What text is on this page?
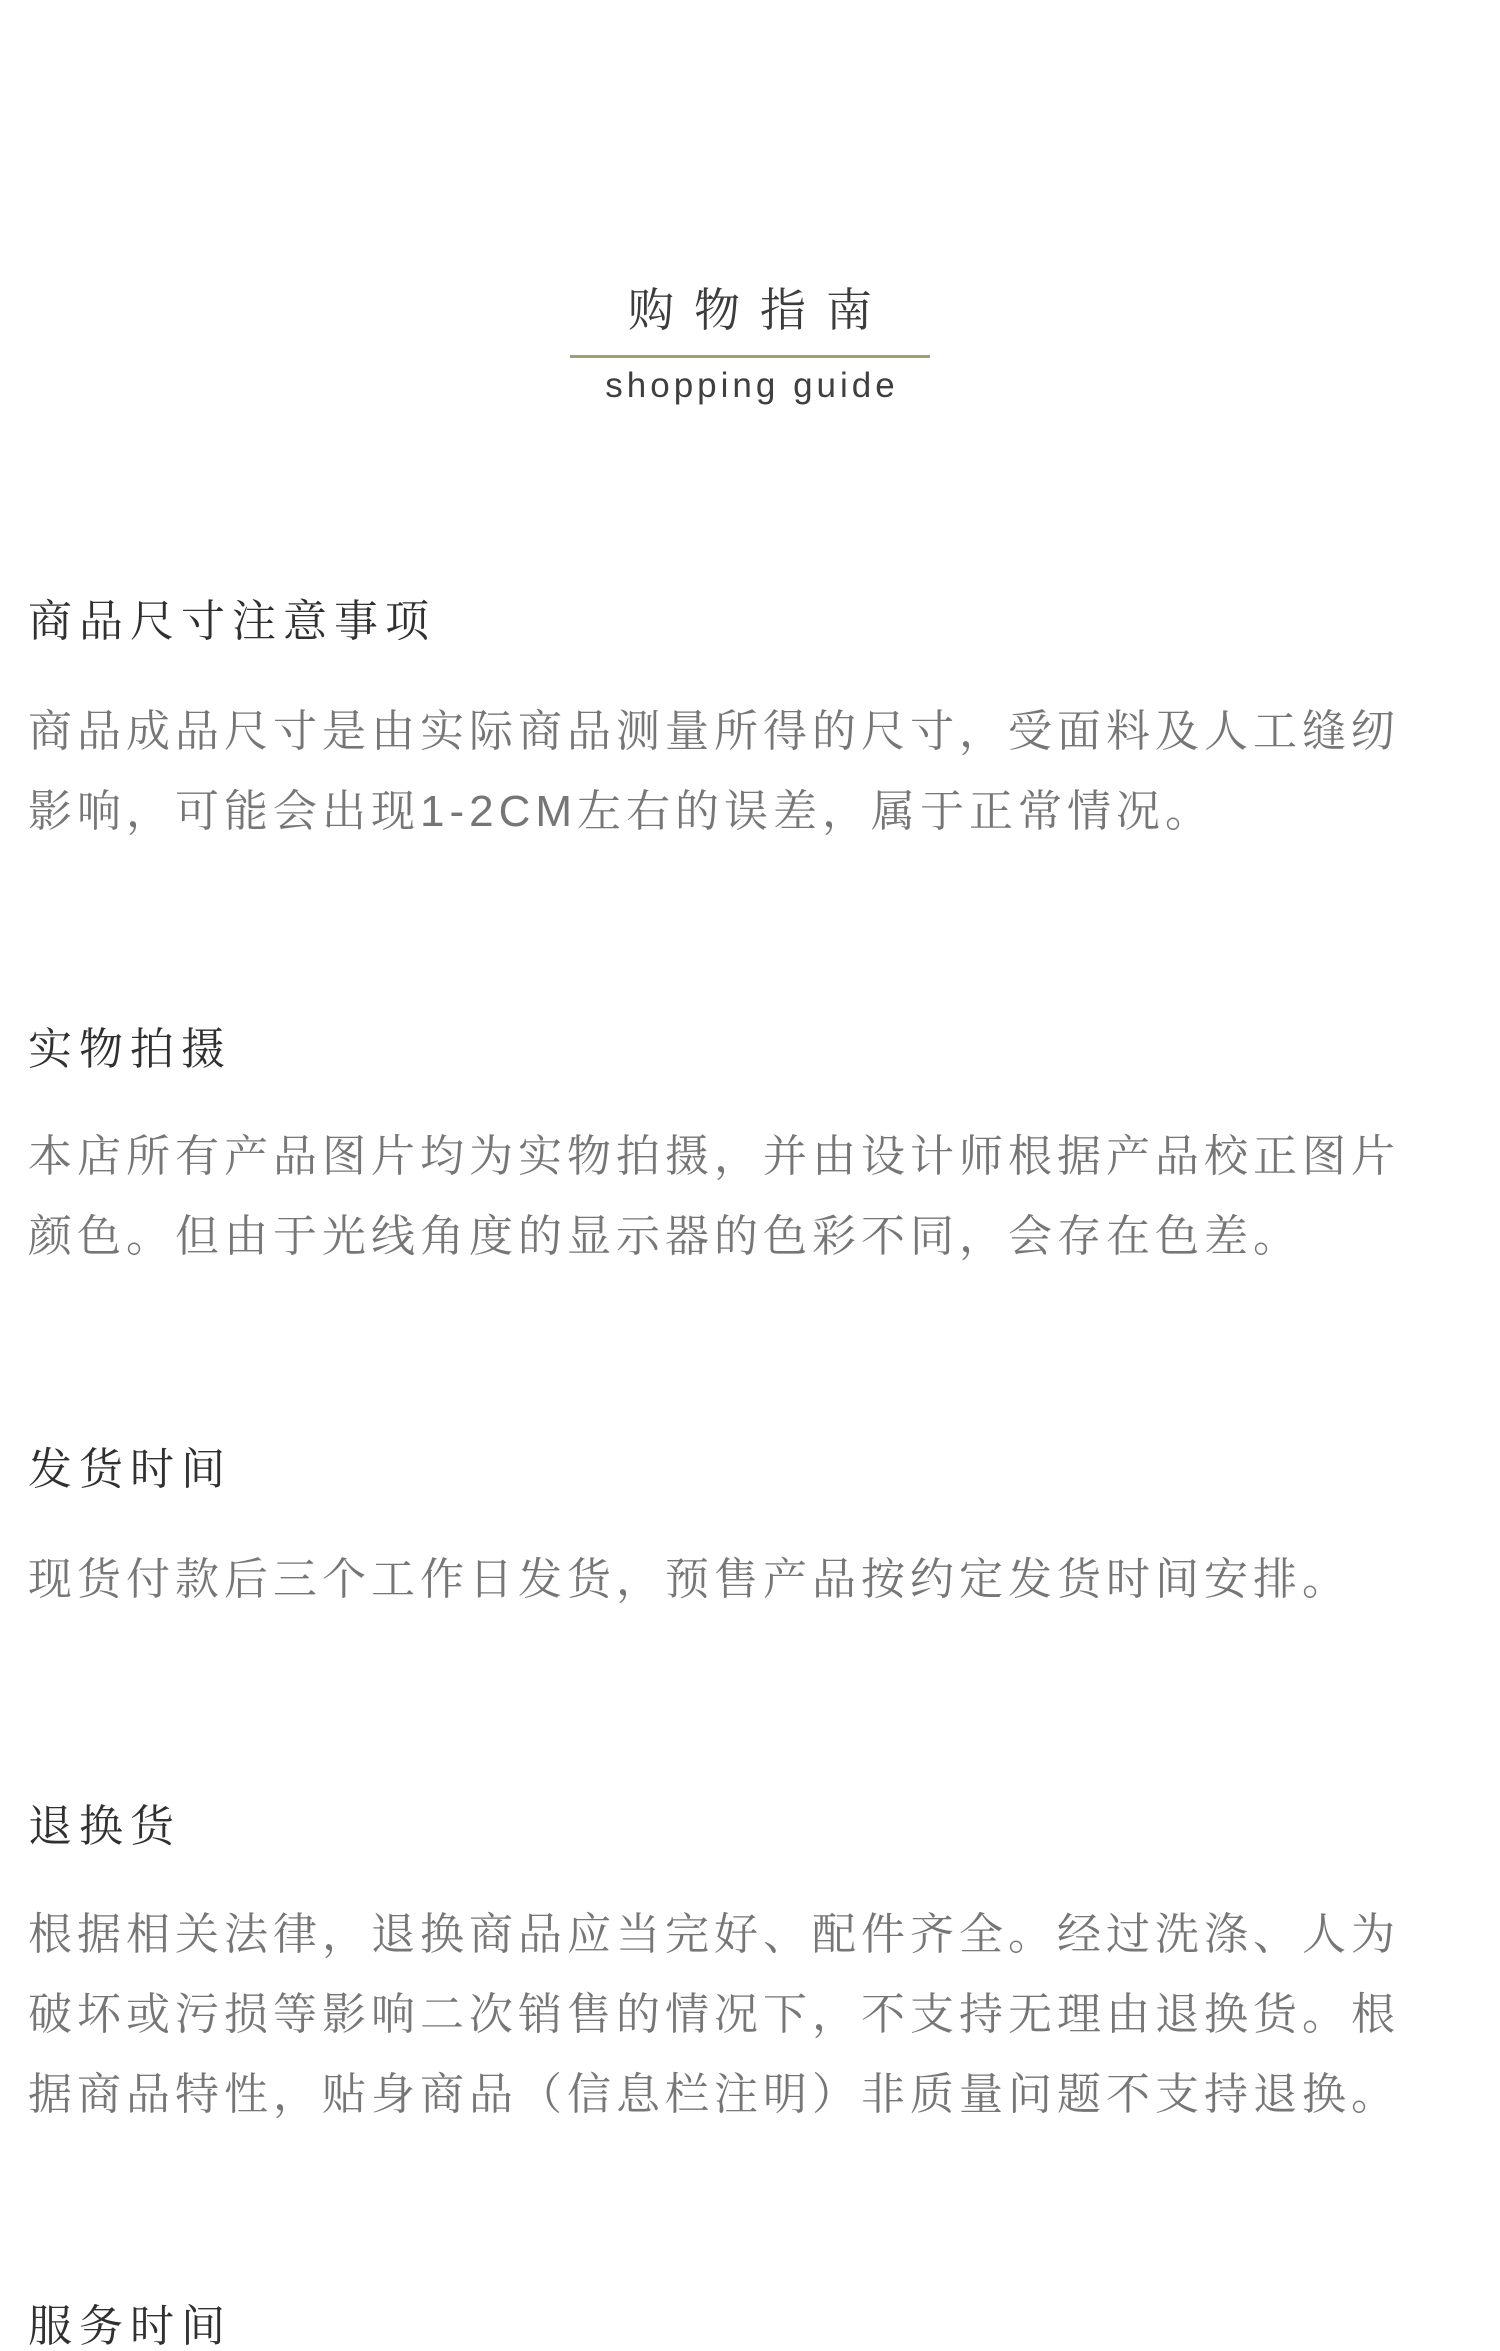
购物指南
shopping guide
商品尺寸注意事项
商品成品尺寸是由实际商品测量所得的尺寸，受面料及人工缝纫
影响，可能会出现1-2CM左右的误差，属于正常情况。
实物拍摄
本店所有产品图片均为实物拍摄，并由设计师根据产品校正图片
颜色。但由于光线角度的显示器的色彩不同，会存在色差。
发货时间
现货付款后三个工作日发货，预售产品按约定发货时间安排。
退换货
根据相关法律，退换商品应当完好、配件齐全。经过洗涤、人为
破坏或污损等影响二次销售的情况下，不支持无理由退换货。根
据商品特性，贴身商品（信息栏注明）非质量问题不支持退换。
服务时间
